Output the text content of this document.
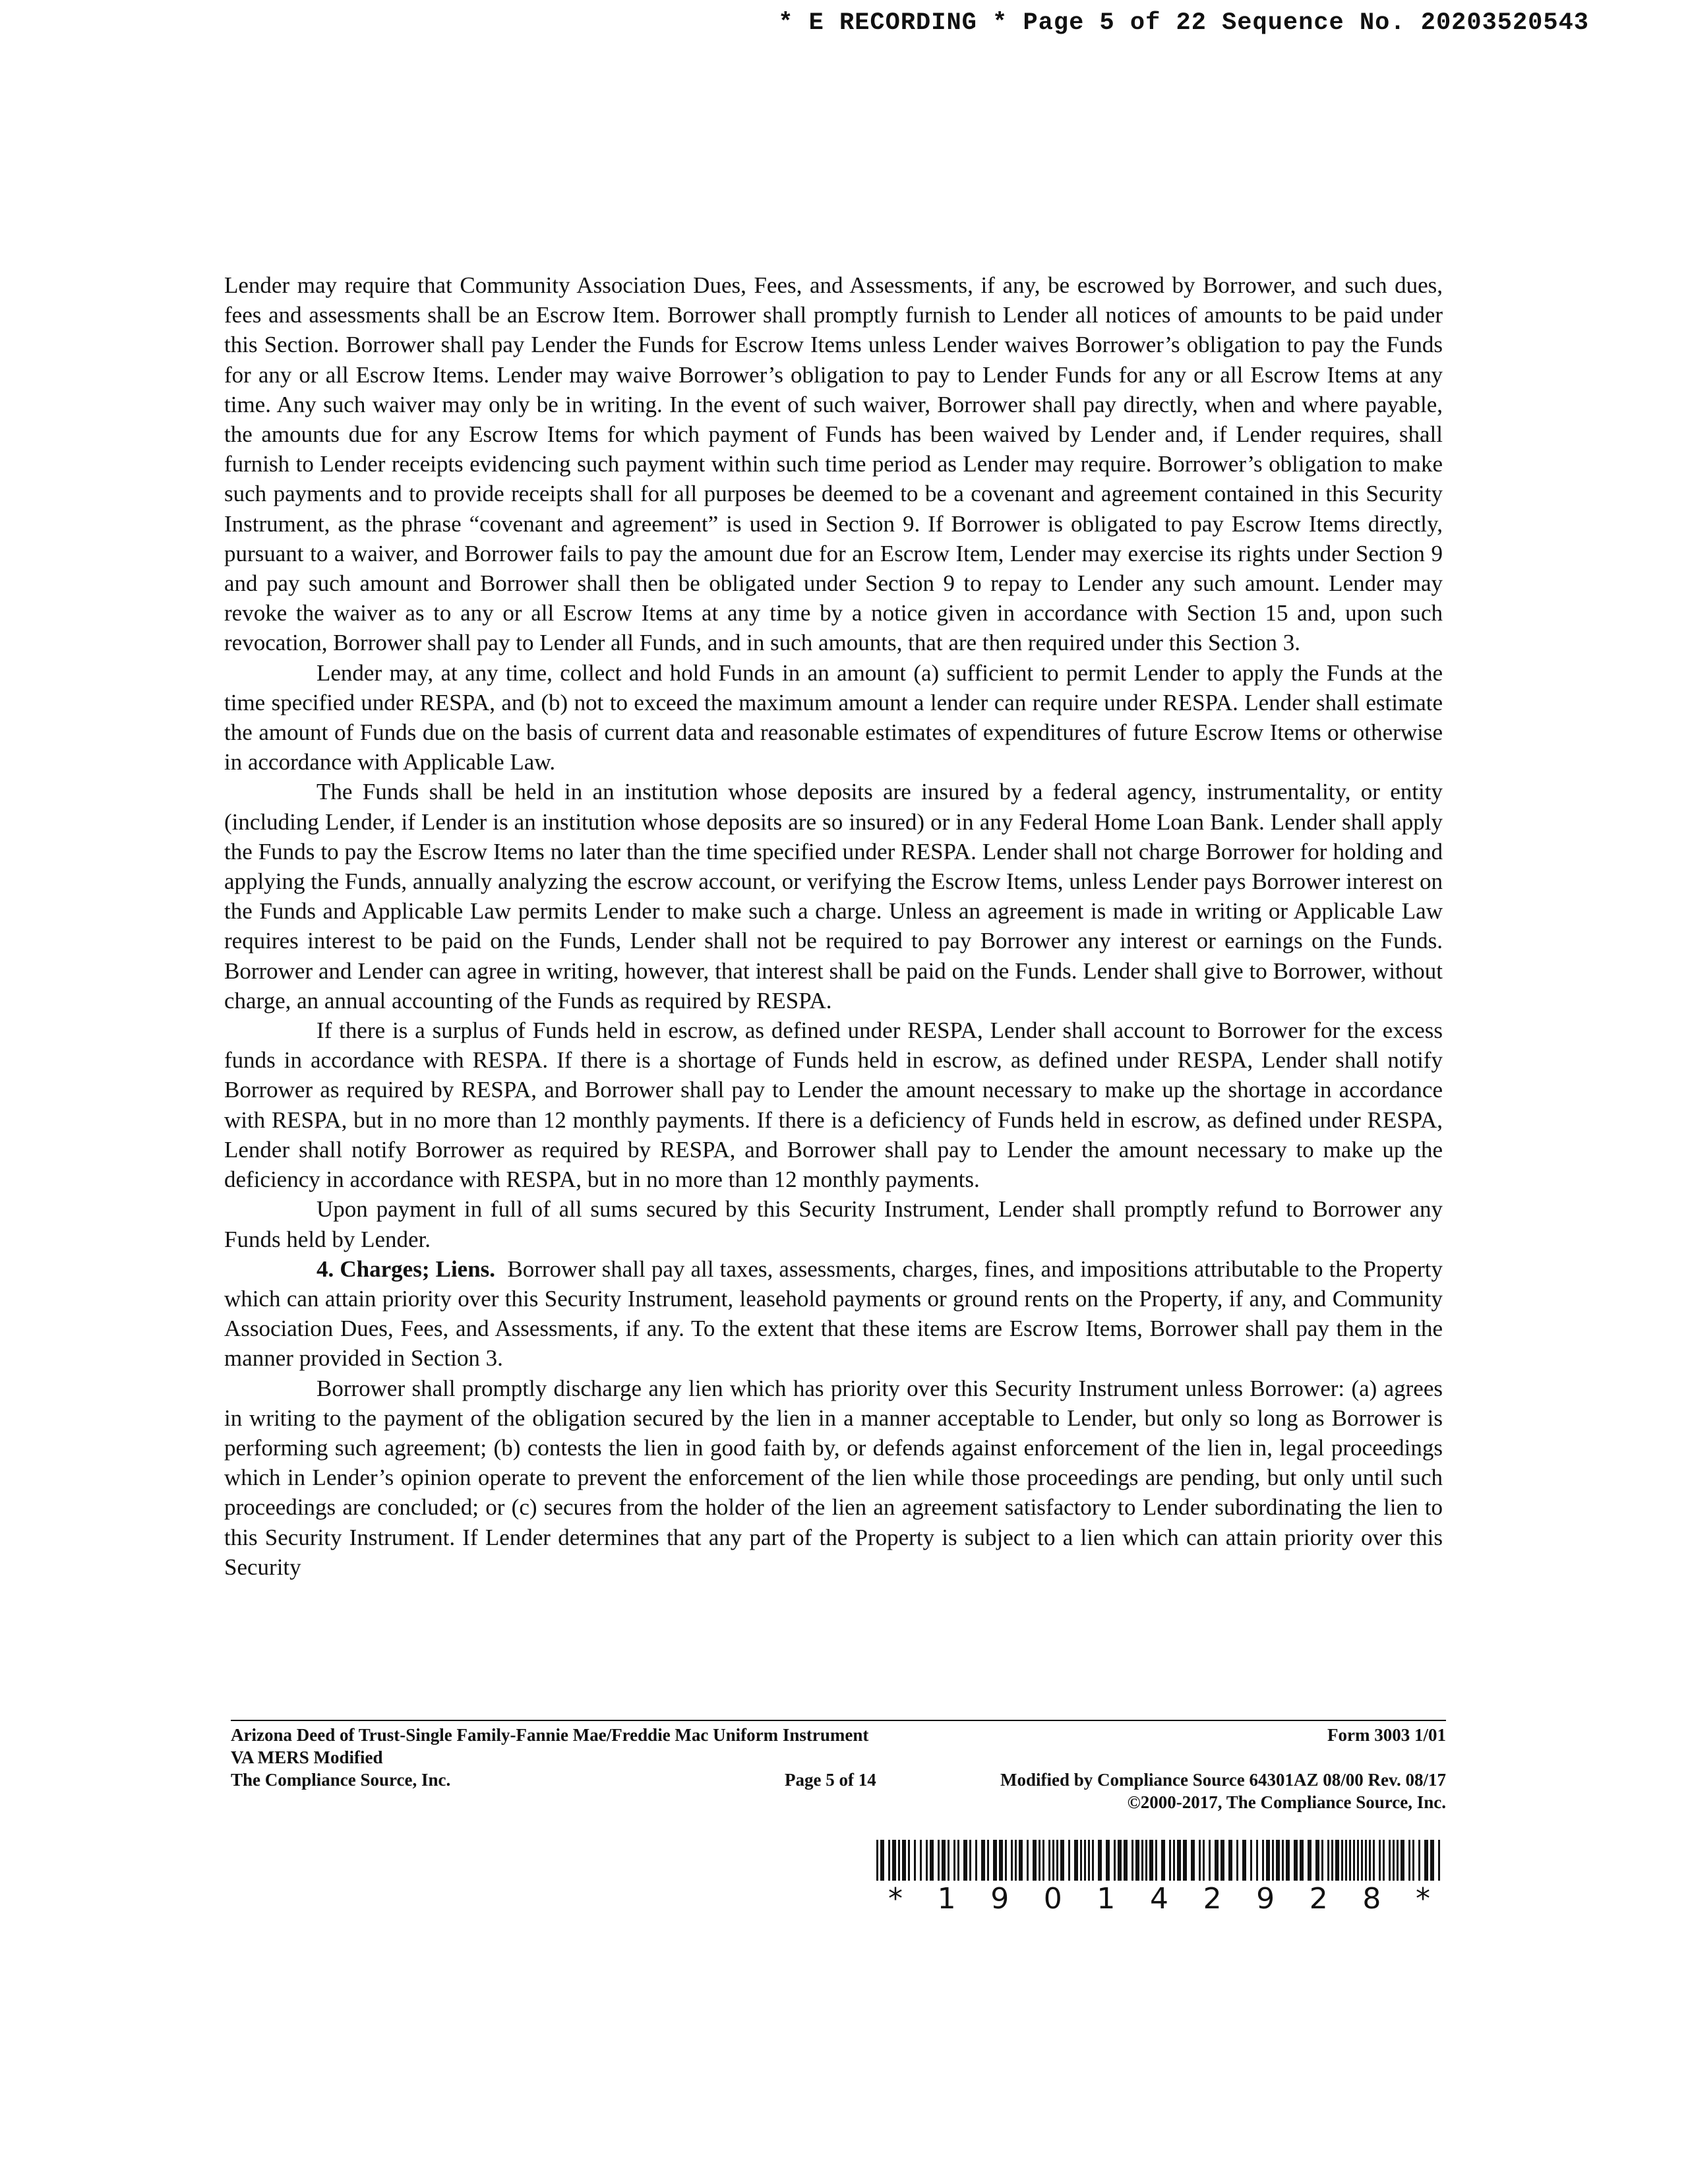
* E RECORDING * Page 5 of 22 Sequence No. 20203520543

Lender may require that Community Association Dues, Fees, and Assessments, if any, be escrowed by Borrower, and such dues, fees and assessments shall be an Escrow Item. Borrower shall promptly furnish to Lender all notices of amounts to be paid under this Section. Borrower shall pay Lender the Funds for Escrow Items unless Lender waives Borrower’s obligation to pay the Funds for any or all Escrow Items. Lender may waive Borrower’s obligation to pay to Lender Funds for any or all Escrow Items at any time. Any such waiver may only be in writing. In the event of such waiver, Borrower shall pay directly, when and where payable, the amounts due for any Escrow Items for which payment of Funds has been waived by Lender and, if Lender requires, shall furnish to Lender receipts evidencing such payment within such time period as Lender may require. Borrower’s obligation to make such payments and to provide receipts shall for all purposes be deemed to be a covenant and agreement contained in this Security Instrument, as the phrase “covenant and agreement” is used in Section 9. If Borrower is obligated to pay Escrow Items directly, pursuant to a waiver, and Borrower fails to pay the amount due for an Escrow Item, Lender may exercise its rights under Section 9 and pay such amount and Borrower shall then be obligated under Section 9 to repay to Lender any such amount. Lender may revoke the waiver as to any or all Escrow Items at any time by a notice given in accordance with Section 15 and, upon such revocation, Borrower shall pay to Lender all Funds, and in such amounts, that are then required under this Section 3.

Lender may, at any time, collect and hold Funds in an amount (a) sufficient to permit Lender to apply the Funds at the time specified under RESPA, and (b) not to exceed the maximum amount a lender can require under RESPA. Lender shall estimate the amount of Funds due on the basis of current data and reasonable estimates of expenditures of future Escrow Items or otherwise in accordance with Applicable Law.

The Funds shall be held in an institution whose deposits are insured by a federal agency, instrumentality, or entity (including Lender, if Lender is an institution whose deposits are so insured) or in any Federal Home Loan Bank. Lender shall apply the Funds to pay the Escrow Items no later than the time specified under RESPA. Lender shall not charge Borrower for holding and applying the Funds, annually analyzing the escrow account, or verifying the Escrow Items, unless Lender pays Borrower interest on the Funds and Applicable Law permits Lender to make such a charge. Unless an agreement is made in writing or Applicable Law requires interest to be paid on the Funds, Lender shall not be required to pay Borrower any interest or earnings on the Funds. Borrower and Lender can agree in writing, however, that interest shall be paid on the Funds. Lender shall give to Borrower, without charge, an annual accounting of the Funds as required by RESPA.

If there is a surplus of Funds held in escrow, as defined under RESPA, Lender shall account to Borrower for the excess funds in accordance with RESPA. If there is a shortage of Funds held in escrow, as defined under RESPA, Lender shall notify Borrower as required by RESPA, and Borrower shall pay to Lender the amount necessary to make up the shortage in accordance with RESPA, but in no more than 12 monthly payments. If there is a deficiency of Funds held in escrow, as defined under RESPA, Lender shall notify Borrower as required by RESPA, and Borrower shall pay to Lender the amount necessary to make up the deficiency in accordance with RESPA, but in no more than 12 monthly payments.

Upon payment in full of all sums secured by this Security Instrument, Lender shall promptly refund to Borrower any Funds held by Lender.

4. Charges; Liens. Borrower shall pay all taxes, assessments, charges, fines, and impositions attributable to the Property which can attain priority over this Security Instrument, leasehold payments or ground rents on the Property, if any, and Community Association Dues, Fees, and Assessments, if any. To the extent that these items are Escrow Items, Borrower shall pay them in the manner provided in Section 3.

Borrower shall promptly discharge any lien which has priority over this Security Instrument unless Borrower: (a) agrees in writing to the payment of the obligation secured by the lien in a manner acceptable to Lender, but only so long as Borrower is performing such agreement; (b) contests the lien in good faith by, or defends against enforcement of the lien in, legal proceedings which in Lender’s opinion operate to prevent the enforcement of the lien while those proceedings are pending, but only until such proceedings are concluded; or (c) secures from the holder of the lien an agreement satisfactory to Lender subordinating the lien to this Security Instrument. If Lender determines that any part of the Property is subject to a lien which can attain priority over this Security

Arizona Deed of Trust-Single Family-Fannie Mae/Freddie Mac Uniform Instrument	Form 3003 1/01
VA MERS Modified
The Compliance Source, Inc.	Page 5 of 14	Modified by Compliance Source 64301AZ 08/00 Rev. 08/17
©2000-2017, The Compliance Source, Inc.
* 1 9 0 1 4 2 9 2 8 *
